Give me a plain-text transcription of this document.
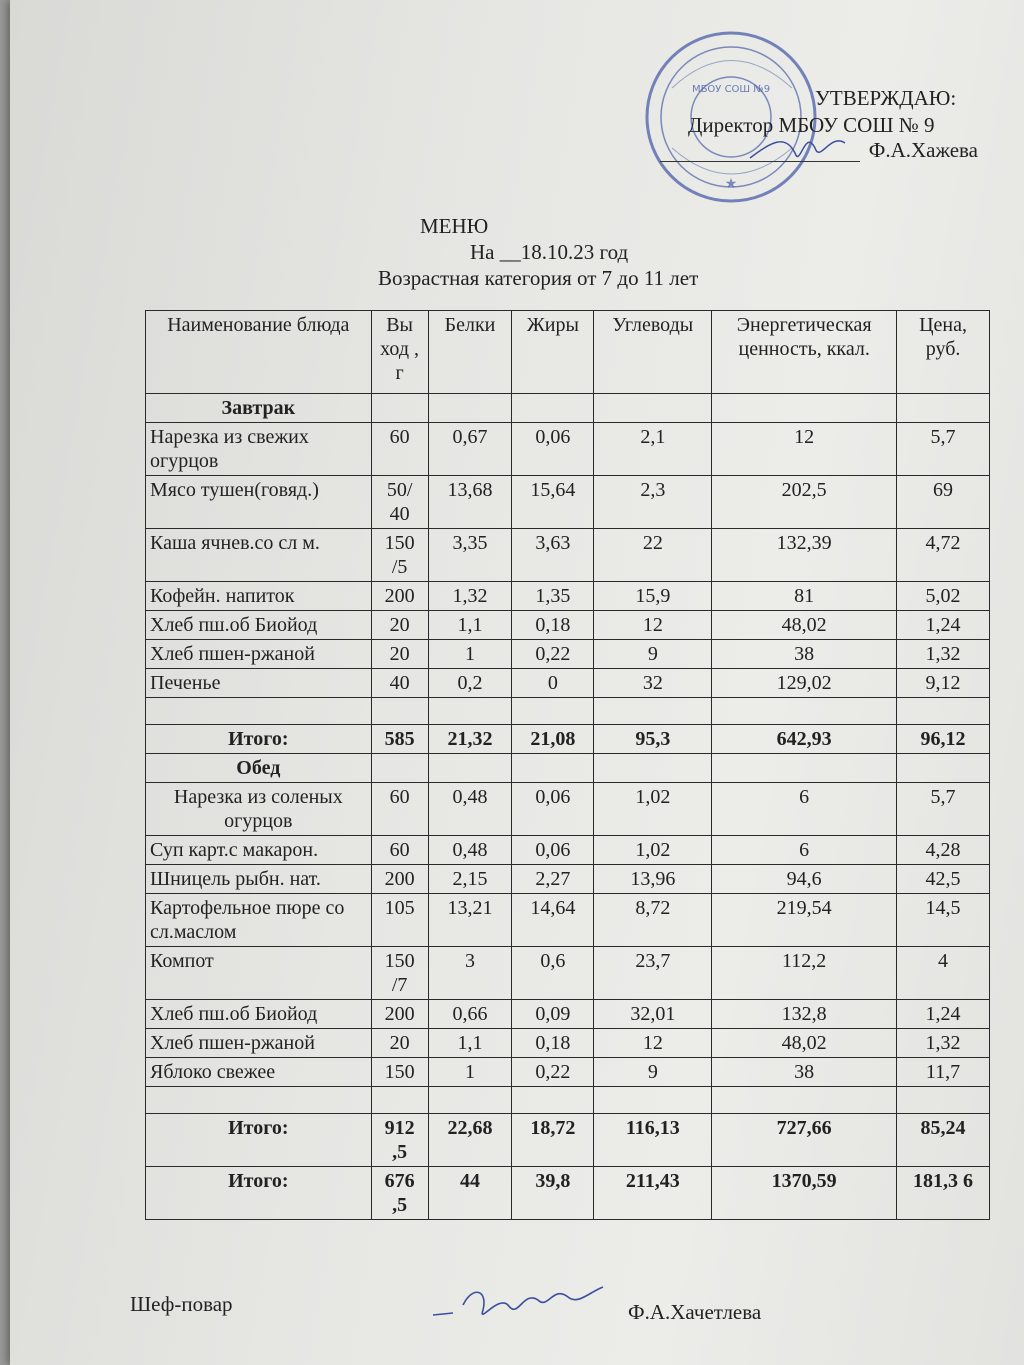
МБОУ СОШ №9
★
УТВЕРЖДАЮ:
Директор МБОУ СОШ № 9
Ф.А.Хажева
МЕНЮ
На __18.10.23 год
Возрастная категория от 7 до 11 лет
Наименование блюда	Вы ход , г	Белки	Жиры	Углеводы	Энергетическая ценность, ккал.	Цена, руб.
Завтрак						
Нарезка из свежих огурцов	60	0,67	0,06	2,1	12	5,7
Мясо тушен(говяд.)	50/ 40	13,68	15,64	2,3	202,5	69
Каша ячнев.со сл м.	150 /5	3,35	3,63	22	132,39	4,72
Кофейн. напиток	200	1,32	1,35	15,9	81	5,02
Хлеб пш.об Биойод	20	1,1	0,18	12	48,02	1,24
Хлеб пшен-ржаной	20	1	0,22	9	38	1,32
Печенье	40	0,2	0	32	129,02	9,12

Итого:	585	21,32	21,08	95,3	642,93	96,12
Обед						
Нарезка из соленых огурцов	60	0,48	0,06	1,02	6	5,7
Суп карт.с макарон.	60	0,48	0,06	1,02	6	4,28
Шницель рыбн. нат.	200	2,15	2,27	13,96	94,6	42,5
Картофельное пюре со сл.маслом	105	13,21	14,64	8,72	219,54	14,5
Компот	150 /7	3	0,6	23,7	112,2	4
Хлеб пш.об Биойод	200	0,66	0,09	32,01	132,8	1,24
Хлеб пшен-ржаной	20	1,1	0,18	12	48,02	1,32
Яблоко свежее	150	1	0,22	9	38	11,7

Итого:	912 ,5	22,68	18,72	116,13	727,66	85,24
Итого:	676 ,5	44	39,8	211,43	1370,59	181,3 6
Шеф-повар	Ф.А.Хачетлева
